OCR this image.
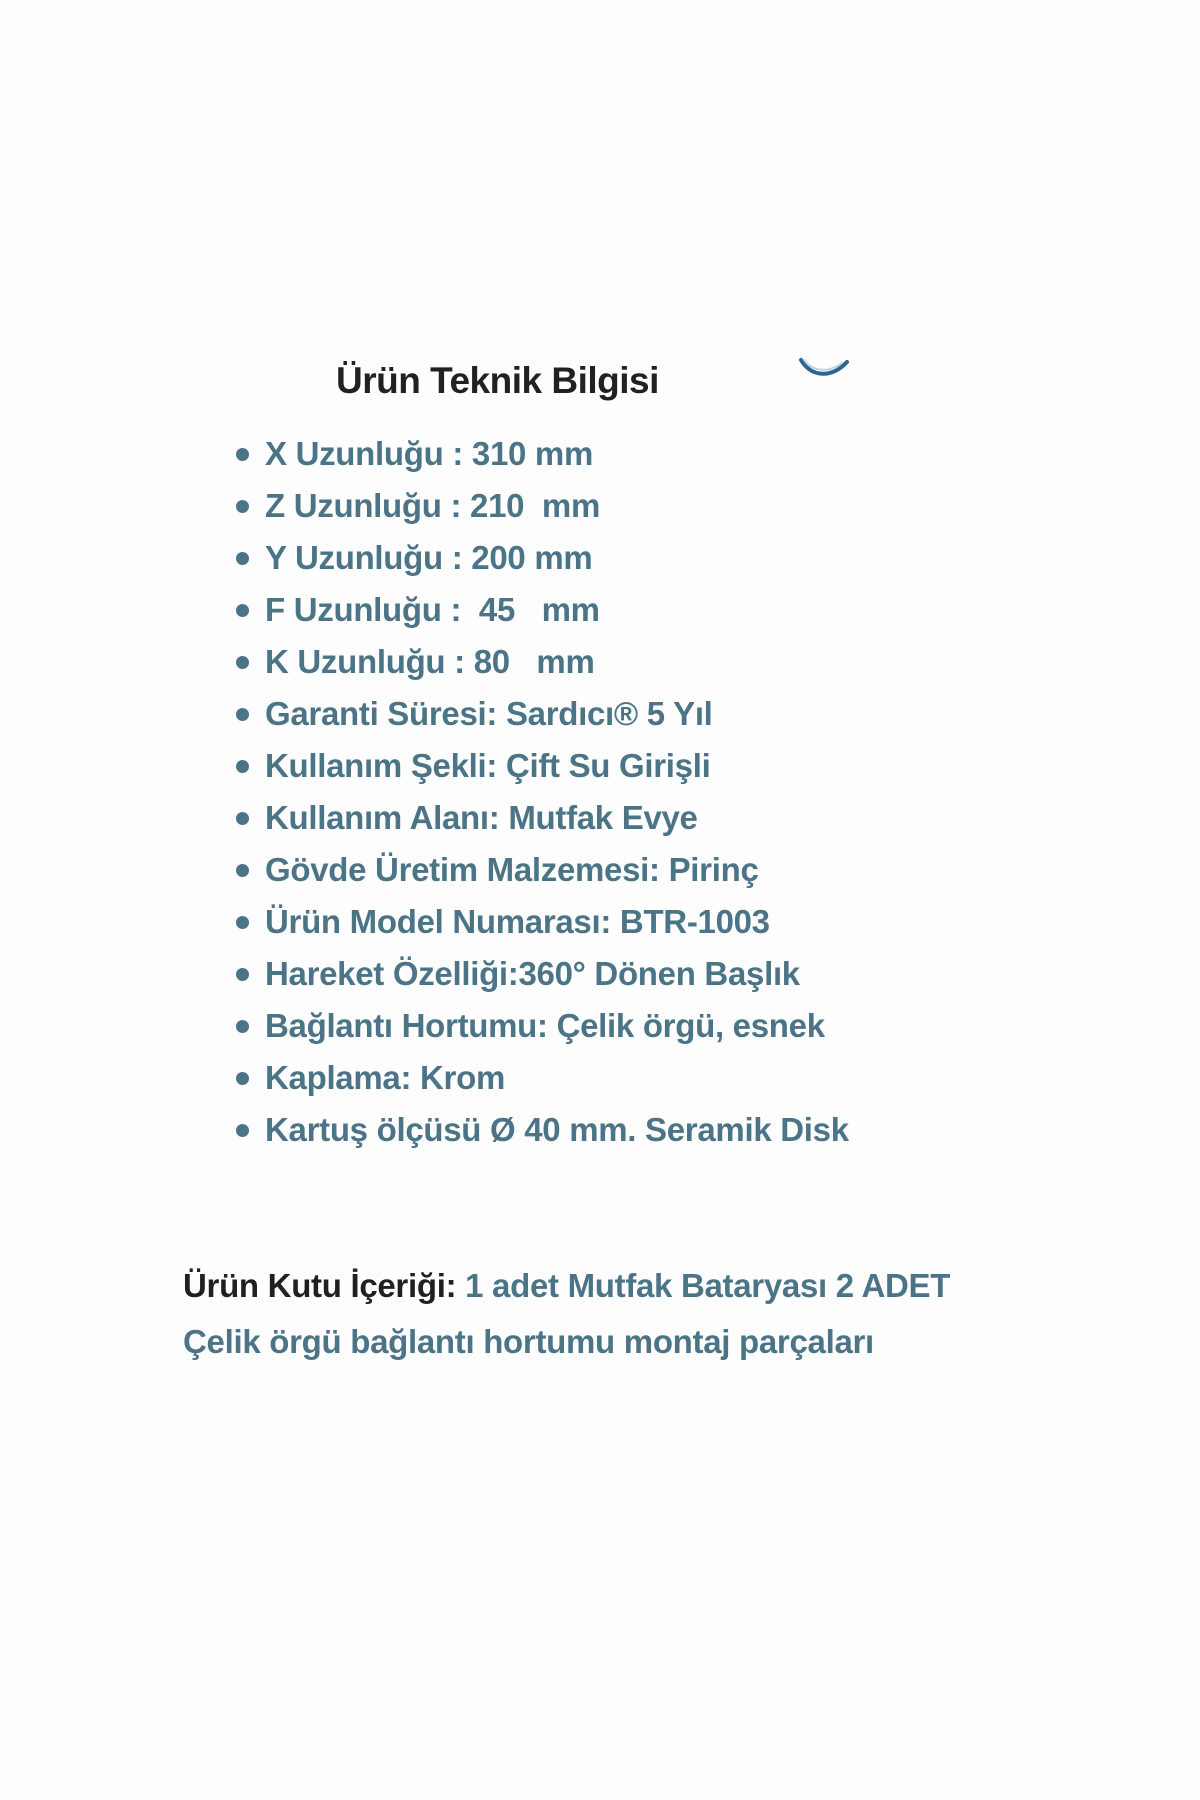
Ürün Teknik Bilgisi
X Uzunluğu : 310 mm
Z Uzunluğu : 210  mm
Y Uzunluğu : 200 mm
F Uzunluğu :  45   mm
K Uzunluğu : 80   mm
Garanti Süresi: Sardıcı® 5 Yıl
Kullanım Şekli: Çift Su Girişli
Kullanım Alanı: Mutfak Evye
Gövde Üretim Malzemesi: Pirinç
Ürün Model Numarası: BTR-1003
Hareket Özelliği:360° Dönen Başlık
Bağlantı Hortumu: Çelik örgü, esnek
Kaplama: Krom
Kartuş ölçüsü Ø 40 mm. Seramik Disk

Ürün Kutu İçeriği: 1 adet Mutfak Bataryası 2 ADET Çelik örgü bağlantı hortumu montaj parçaları
